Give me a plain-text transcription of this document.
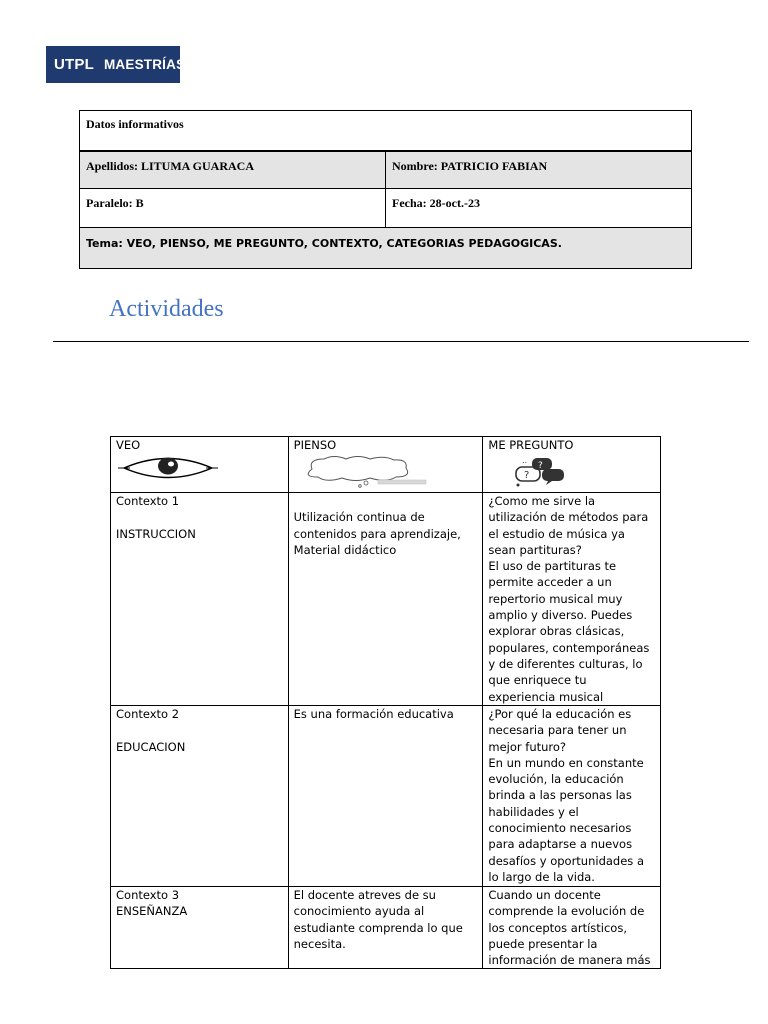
UTPL MAESTRÍAS
Datos informativos	
Apellidos: LITUMA GUARACA	Nombre: PATRICIO FABIAN
Paralelo: B	Fecha: 28-oct.-23
Tema: VEO, PIENSO, ME PREGUNTO, CONTEXTO, CATEGORIAS PEDAGOGICAS.	
Actividades
VEO	PIENSO	ME PREGUNTO
?
?
..

Contexto 1

INSTRUCCION	
Utilización continua de contenidos para aprendizaje, Material didáctico	¿Como me sirve la utilización de métodos para el estudio de música ya sean partituras?
El uso de partituras te permite acceder a un repertorio musical muy amplio y diverso. Puedes explorar obras clásicas, populares, contemporáneas y de diferentes culturas, lo que enriquece tu experiencia musical
Contexto 2

EDUCACION	Es una formación educativa	¿Por qué la educación es necesaria para tener un mejor futuro?
En un mundo en constante evolución, la educación brinda a las personas las habilidades y el conocimiento necesarios para adaptarse a nuevos desafíos y oportunidades a lo largo de la vida.
Contexto 3
ENSEÑANZA	El docente atreves de su conocimiento ayuda al estudiante comprenda lo que necesita.	Cuando un docente comprende la evolución de los conceptos artísticos, puede presentar la información de manera más
